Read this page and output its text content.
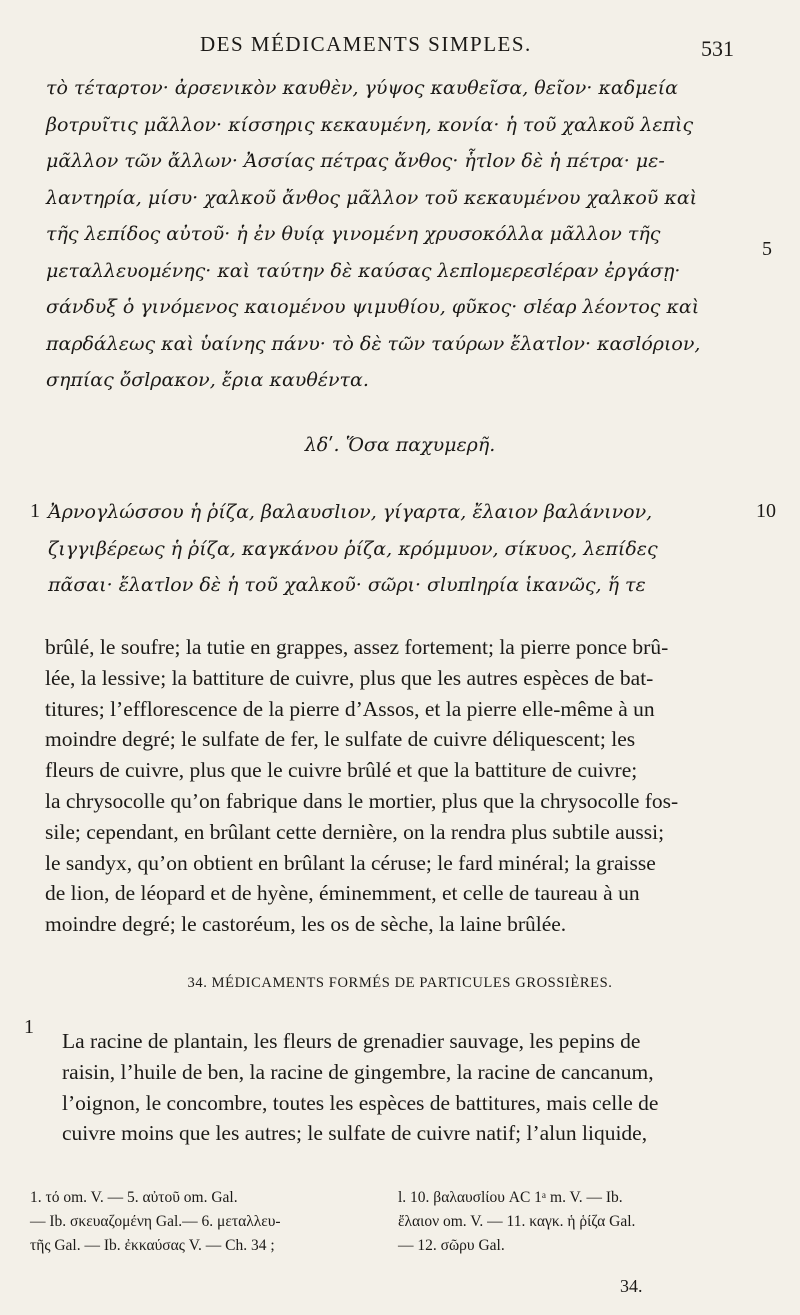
DES MÉDICAMENTS SIMPLES.	531
τὸ τέταρτον· ἀρσενικὸν καυθὲν, γύψος καυθεῖσα, θεῖον· καδμεία
βοτρυῖτις μᾶλλον· κίσσηρις κεκαυμένη, κονία· ἡ τοῦ χαλκοῦ λεπὶς
μᾶλλον τῶν ἄλλων· Ἀσσίας πέτρας ἄνθος· ἧτlον δὲ ἡ πέτρα· με-
λαντηρία, μίσυ· χαλκοῦ ἄνθος μᾶλλον τοῦ κεκαυμένου χαλκοῦ καὶ
τῆς λεπίδος αὐτοῦ· ἡ ἐν θυίᾳ γινομένη χρυσοκόλλα μᾶλλον τῆς
μεταλλευομένης· καὶ ταύτην δὲ καύσας λεπlομερεσlέραν ἐργάσῃ·
σάνδυξ ὁ γινόμενος καιομένου ψιμυθίου, φῦκος· σlέαρ λέοντος καὶ
παρδάλεως καὶ ὑαίνης πάνυ· τὸ δὲ τῶν ταύρων ἔλατlον· κασlόριον,
σηπίας ὄσlρακον, ἔρια καυθέντα.
5
λδʹ. Ὅσα παχυμερῆ.
1	10
Ἀρνογλώσσου ἡ ῥίζα, βαλαυσlιον, γίγαρτα, ἔλαιον βαλάνινον,
ζιγγιβέρεως ἡ ῥίζα, καγκάνου ῥίζα, κρόμμυον, σίκυος, λεπίδες
πᾶσαι· ἔλατlον δὲ ἡ τοῦ χαλκοῦ· σῶρι· σlυπlηρία ἱκανῶς, ἥ τε
brûlé, le soufre; la tutie en grappes, assez fortement; la pierre ponce brû-
lée, la lessive; la battiture de cuivre, plus que les autres espèces de bat-
titures; l’efflorescence de la pierre d’Assos, et la pierre elle-même à un
moindre degré; le sulfate de fer, le sulfate de cuivre déliquescent; les
fleurs de cuivre, plus que le cuivre brûlé et que la battiture de cuivre;
la chrysocolle qu’on fabrique dans le mortier, plus que la chrysocolle fos-
sile; cependant, en brûlant cette dernière, on la rendra plus subtile aussi;
le sandyx, qu’on obtient en brûlant la céruse; le fard minéral; la graisse
de lion, de léopard et de hyène, éminemment, et celle de taureau à un
moindre degré; le castoréum, les os de sèche, la laine brûlée.
34. MÉDICAMENTS FORMÉS DE PARTICULES GROSSIÈRES.
1
La racine de plantain, les fleurs de grenadier sauvage, les pepins de
raisin, l’huile de ben, la racine de gingembre, la racine de cancanum,
l’oignon, le concombre, toutes les espèces de battitures, mais celle de
cuivre moins que les autres; le sulfate de cuivre natif; l’alun liquide,
1. τό om. V. — 5. αὐτοῦ om. Gal.
— Ib. σκευαζομένη Gal.— 6. μεταλλευ-
τῆς Gal. — Ib. ἐκκαύσας V. — Ch. 34 ;
l. 10. βαλαυσlίου AC 1ᵃ m. V. — Ib.
ἔλαιον om. V. — 11. καγκ. ἡ ῥίζα Gal.
— 12. σῶρυ Gal.
34.
